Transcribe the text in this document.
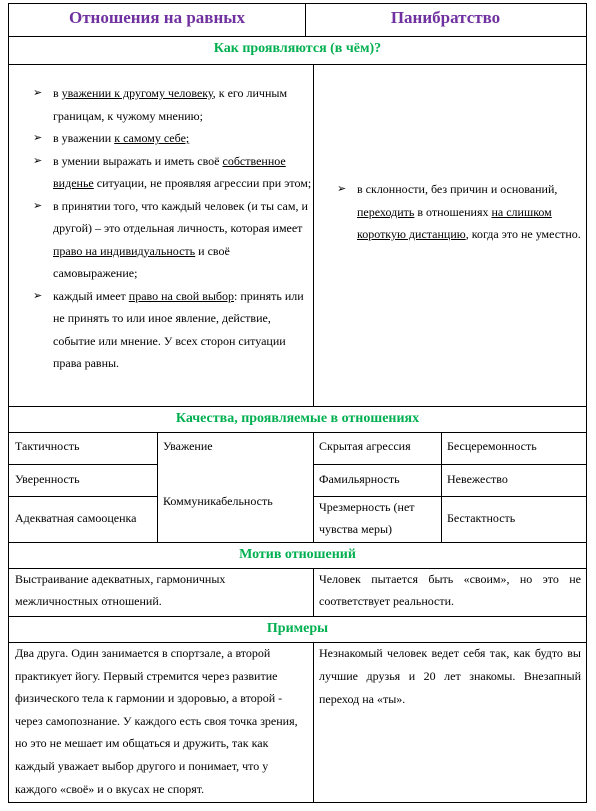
Отношения на равных	Панибратство
Как проявляются (в чём)?
➢ в уважении к другому человеку, к его личным границам, к чужому мнению;
➢ в уважении к самому себе;
➢ в умении выражать и иметь своё собственное виденье ситуации, не проявляя агрессии при этом;
➢ в принятии того, что каждый человек (и ты сам, и другой) – это отдельная личность, которая имеет право на индивидуальность и своё самовыражение;
➢ каждый имеет право на свой выбор: принять или не принять то или иное явление, действие, событие или мнение. У всех сторон ситуации права равны.
➢ в склонности, без причин и оснований, переходить в отношениях на слишком короткую дистанцию, когда это не уместно.
Качества, проявляемые в отношениях
Тактичность
Уверенность
Адекватная самооценка
Уважение
Коммуникабельность
Скрытая агрессия
Фамильярность
Чрезмерность (нет чувства меры)
Бесцеремонность
Невежество
Бестактность
Мотив отношений
Выстраивание адекватных, гармоничных межличностных отношений.
Человек пытается быть «своим», но это не соответствует реальности.
Примеры
Два друга. Один занимается в спортзале, а второй практикует йогу. Первый стремится через развитие физического тела к гармонии и здоровью, а второй - через самопознание. У каждого есть своя точка зрения, но это не мешает им общаться и дружить, так как каждый уважает выбор другого и понимает, что у каждого «своё» и о вкусах не спорят.
Незнакомый человек ведет себя так, как будто вы лучшие друзья и 20 лет знакомы. Внезапный переход на «ты».
